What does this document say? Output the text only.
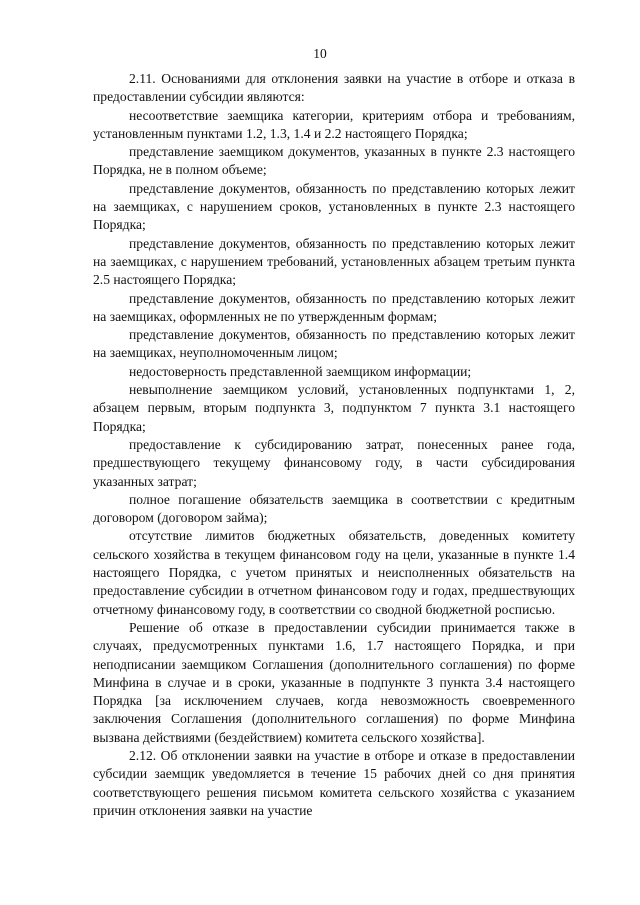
10

2.11. Основаниями для отклонения заявки на участие в отборе и отказа в предоставлении субсидии являются:

несоответствие заемщика категории, критериям отбора и требованиям, установленным пунктами 1.2, 1.3, 1.4 и 2.2 настоящего Порядка;

представление заемщиком документов, указанных в пункте 2.3 настоящего Порядка, не в полном объеме;

представление документов, обязанность по представлению которых лежит на заемщиках, с нарушением сроков, установленных в пункте 2.3 настоящего Порядка;

представление документов, обязанность по представлению которых лежит на заемщиках, с нарушением требований, установленных абзацем третьим пункта 2.5 настоящего Порядка;

представление документов, обязанность по представлению которых лежит на заемщиках, оформленных не по утвержденным формам;

представление документов, обязанность по представлению которых лежит на заемщиках, неуполномоченным лицом;

недостоверность представленной заемщиком информации;

невыполнение заемщиком условий, установленных подпунктами 1, 2, абзацем первым, вторым подпункта 3, подпунктом 7 пункта 3.1 настоящего Порядка;

предоставление к субсидированию затрат, понесенных ранее года, предшествующего текущему финансовому году, в части субсидирования указанных затрат;

полное погашение обязательств заемщика в соответствии с кредитным договором (договором займа);

отсутствие лимитов бюджетных обязательств, доведенных комитету сельского хозяйства в текущем финансовом году на цели, указанные в пункте 1.4 настоящего Порядка, с учетом принятых и неисполненных обязательств на предоставление субсидии в отчетном финансовом году и годах, предшествующих отчетному финансовому году, в соответствии со сводной бюджетной росписью.

Решение об отказе в предоставлении субсидии принимается также в случаях, предусмотренных пунктами 1.6, 1.7 настоящего Порядка, и при неподписании заемщиком Соглашения (дополнительного соглашения) по форме Минфина в случае и в сроки, указанные в подпункте 3 пункта 3.4 настоящего Порядка [за исключением случаев, когда невозможность своевременного заключения Соглашения (дополнительного соглашения) по форме Минфина вызвана действиями (бездействием) комитета сельского хозяйства].

2.12. Об отклонении заявки на участие в отборе и отказе в предоставлении субсидии заемщик уведомляется в течение 15 рабочих дней со дня принятия соответствующего решения письмом комитета сельского хозяйства с указанием причин отклонения заявки на участие
